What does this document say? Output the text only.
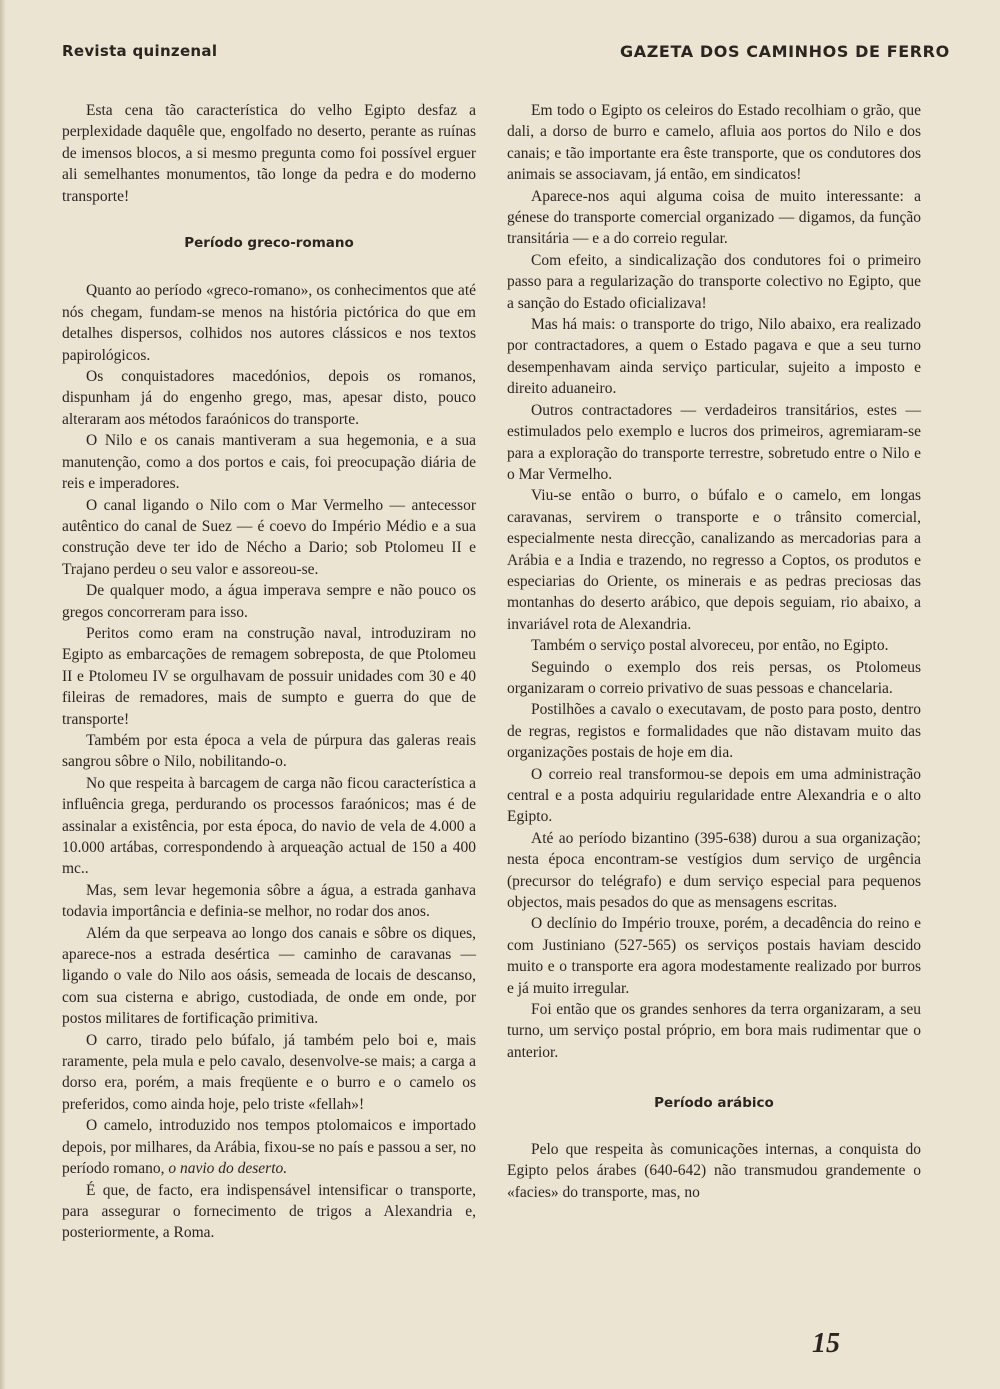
Revista quinzenal	GAZETA DOS CAMINHOS DE FERRO

Esta cena tão característica do velho Egipto desfaz a perplexidade daquêle que, engolfado no deserto, perante as ruínas de imensos blocos, a si mesmo pregunta como foi possível erguer ali semelhantes monumentos, tão longe da pedra e do moderno transporte!

Período greco-romano

Quanto ao período «greco-romano», os conhecimentos que até nós chegam, fundam-se menos na história pictórica do que em detalhes dispersos, colhidos nos autores clássicos e nos textos papirológicos.

Os conquistadores macedónios, depois os romanos, dispunham já do engenho grego, mas, apesar disto, pouco alteraram aos métodos faraónicos do transporte.

O Nilo e os canais mantiveram a sua hegemonia, e a sua manutenção, como a dos portos e cais, foi preocupação diária de reis e imperadores.

O canal ligando o Nilo com o Mar Vermelho — antecessor autêntico do canal de Suez — é coevo do Império Médio e a sua construção deve ter ido de Nécho a Dario; sob Ptolomeu II e Trajano perdeu o seu valor e assoreou-se.

De qualquer modo, a água imperava sempre e não pouco os gregos concorreram para isso.

Peritos como eram na construção naval, introduziram no Egipto as embarcações de remagem sobreposta, de que Ptolomeu II e Ptolomeu IV se orgulhavam de possuir unidades com 30 e 40 fileiras de remadores, mais de sumpto e guerra do que de transporte!

Também por esta época a vela de púrpura das galeras reais sangrou sôbre o Nilo, nobilitando-o.

No que respeita à barcagem de carga não ficou característica a influência grega, perdurando os processos faraónicos; mas é de assinalar a existência, por esta época, do navio de vela de 4.000 a 10.000 artábas, correspondendo à arqueação actual de 150 a 400 mc..

Mas, sem levar hegemonia sôbre a água, a estrada ganhava todavia importância e definia-se melhor, no rodar dos anos.

Além da que serpeava ao longo dos canais e sôbre os diques, aparece-nos a estrada desértica — caminho de caravanas — ligando o vale do Nilo aos oásis, semeada de locais de descanso, com sua cisterna e abrigo, custodiada, de onde em onde, por postos militares de fortificação primitiva.

O carro, tirado pelo búfalo, já também pelo boi e, mais raramente, pela mula e pelo cavalo, desenvolve-se mais; a carga a dorso era, porém, a mais freqüente e o burro e o camelo os preferidos, como ainda hoje, pelo triste «fellah»!

O camelo, introduzido nos tempos ptolomaicos e importado depois, por milhares, da Arábia, fixou-se no país e passou a ser, no período romano, o navio do deserto.

É que, de facto, era indispensável intensificar o transporte, para assegurar o fornecimento de trigos a Alexandria e, posteriormente, a Roma.

Em todo o Egipto os celeiros do Estado recolhiam o grão, que dali, a dorso de burro e camelo, afluia aos portos do Nilo e dos canais; e tão importante era êste transporte, que os condutores dos animais se associavam, já então, em sindicatos!

Aparece-nos aqui alguma coisa de muito interessante: a génese do transporte comercial organizado — digamos, da função transitária — e a do correio regular.

Com efeito, a sindicalização dos condutores foi o primeiro passo para a regularização do transporte colectivo no Egipto, que a sanção do Estado oficializava!

Mas há mais: o transporte do trigo, Nilo abaixo, era realizado por contractadores, a quem o Estado pagava e que a seu turno desempenhavam ainda serviço particular, sujeito a imposto e direito aduaneiro.

Outros contractadores — verdadeiros transitários, estes — estimulados pelo exemplo e lucros dos primeiros, agremiaram-se para a exploração do transporte terrestre, sobretudo entre o Nilo e o Mar Vermelho.

Viu-se então o burro, o búfalo e o camelo, em longas caravanas, servirem o transporte e o trânsito comercial, especialmente nesta direcção, canalizando as mercadorias para a Arábia e a India e trazendo, no regresso a Coptos, os produtos e especiarias do Oriente, os minerais e as pedras preciosas das montanhas do deserto arábico, que depois seguiam, rio abaixo, a invariável rota de Alexandria.

Também o serviço postal alvoreceu, por então, no Egipto.

Seguindo o exemplo dos reis persas, os Ptolomeus organizaram o correio privativo de suas pessoas e chancelaria.

Postilhões a cavalo o executavam, de posto para posto, dentro de regras, registos e formalidades que não distavam muito das organizações postais de hoje em dia.

O correio real transformou-se depois em uma administração central e a posta adquiriu regularidade entre Alexandria e o alto Egipto.

Até ao período bizantino (395-638) durou a sua organização; nesta época encontram-se vestígios dum serviço de urgência (precursor do telégrafo) e dum serviço especial para pequenos objectos, mais pesados do que as mensagens escritas.

O declínio do Império trouxe, porém, a decadência do reino e com Justiniano (527-565) os serviços postais haviam descido muito e o transporte era agora modestamente realizado por burros e já muito irregular.

Foi então que os grandes senhores da terra organizaram, a seu turno, um serviço postal próprio, em bora mais rudimentar que o anterior.

Período arábico

Pelo que respeita às comunicações internas, a conquista do Egipto pelos árabes (640-642) não transmudou grandemente o «facies» do transporte, mas, no

15
